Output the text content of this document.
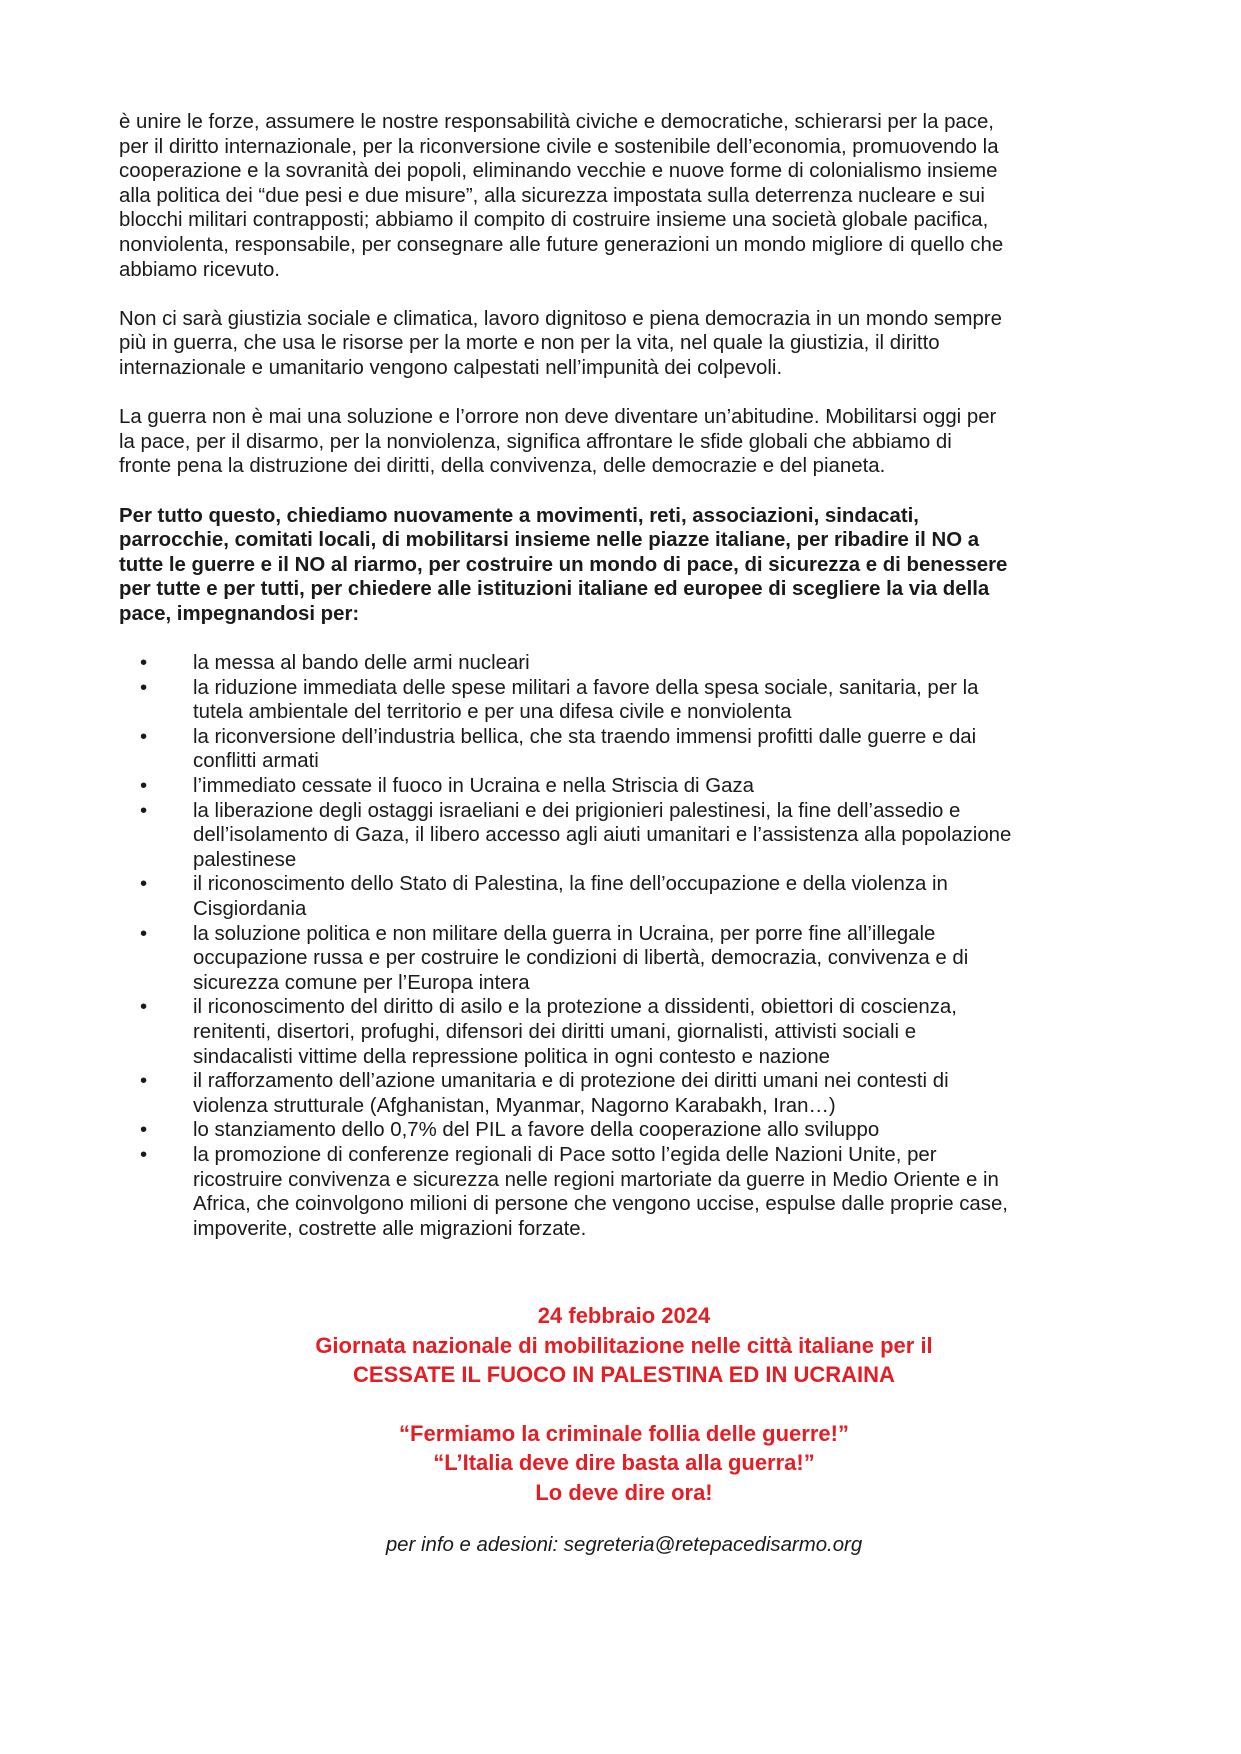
è unire le forze, assumere le nostre responsabilità civiche e democratiche, schierarsi per la pace,
per il diritto internazionale, per la riconversione civile e sostenibile dell’economia, promuovendo la
cooperazione e la sovranità dei popoli, eliminando vecchie e nuove forme di colonialismo insieme
alla politica dei “due pesi e due misure”, alla sicurezza impostata sulla deterrenza nucleare e sui
blocchi militari contrapposti; abbiamo il compito di costruire insieme una società globale pacifica,
nonviolenta, responsabile, per consegnare alle future generazioni un mondo migliore di quello che
abbiamo ricevuto.

Non ci sarà giustizia sociale e climatica, lavoro dignitoso e piena democrazia in un mondo sempre
più in guerra, che usa le risorse per la morte e non per la vita, nel quale la giustizia, il diritto
internazionale e umanitario vengono calpestati nell’impunità dei colpevoli.

La guerra non è mai una soluzione e l’orrore non deve diventare un’abitudine. Mobilitarsi oggi per
la pace, per il disarmo, per la nonviolenza, significa affrontare le sfide globali che abbiamo di
fronte pena la distruzione dei diritti, della convivenza, delle democrazie e del pianeta.

Per tutto questo, chiediamo nuovamente a movimenti, reti, associazioni, sindacati,
parrocchie, comitati locali, di mobilitarsi insieme nelle piazze italiane, per ribadire il NO a
tutte le guerre e il NO al riarmo, per costruire un mondo di pace, di sicurezza e di benessere
per tutte e per tutti, per chiedere alle istituzioni italiane ed europee di scegliere la via della
pace, impegnandosi per:

• la messa al bando delle armi nucleari
• la riduzione immediata delle spese militari a favore della spesa sociale, sanitaria, per la
tutela ambientale del territorio e per una difesa civile e nonviolenta
• la riconversione dell’industria bellica, che sta traendo immensi profitti dalle guerre e dai
conflitti armati
• l’immediato cessate il fuoco in Ucraina e nella Striscia di Gaza
• la liberazione degli ostaggi israeliani e dei prigionieri palestinesi, la fine dell’assedio e
dell’isolamento di Gaza, il libero accesso agli aiuti umanitari e l’assistenza alla popolazione
palestinese
• il riconoscimento dello Stato di Palestina, la fine dell’occupazione e della violenza in
Cisgiordania
• la soluzione politica e non militare della guerra in Ucraina, per porre fine all’illegale
occupazione russa e per costruire le condizioni di libertà, democrazia, convivenza e di
sicurezza comune per l’Europa intera
• il riconoscimento del diritto di asilo e la protezione a dissidenti, obiettori di coscienza,
renitenti, disertori, profughi, difensori dei diritti umani, giornalisti, attivisti sociali e
sindacalisti vittime della repressione politica in ogni contesto e nazione
• il rafforzamento dell’azione umanitaria e di protezione dei diritti umani nei contesti di
violenza strutturale (Afghanistan, Myanmar, Nagorno Karabakh, Iran…)
• lo stanziamento dello 0,7% del PIL a favore della cooperazione allo sviluppo
• la promozione di conferenze regionali di Pace sotto l’egida delle Nazioni Unite, per
ricostruire convivenza e sicurezza nelle regioni martoriate da guerre in Medio Oriente e in
Africa, che coinvolgono milioni di persone che vengono uccise, espulse dalle proprie case,
impoverite, costrette alle migrazioni forzate.
24 febbraio 2024
Giornata nazionale di mobilitazione nelle città italiane per il
CESSATE IL FUOCO IN PALESTINA ED IN UCRAINA
“Fermiamo la criminale follia delle guerre!”
“L’Italia deve dire basta alla guerra!”
Lo deve dire ora!
per info e adesioni: segreteria@retepacedisarmo.org
